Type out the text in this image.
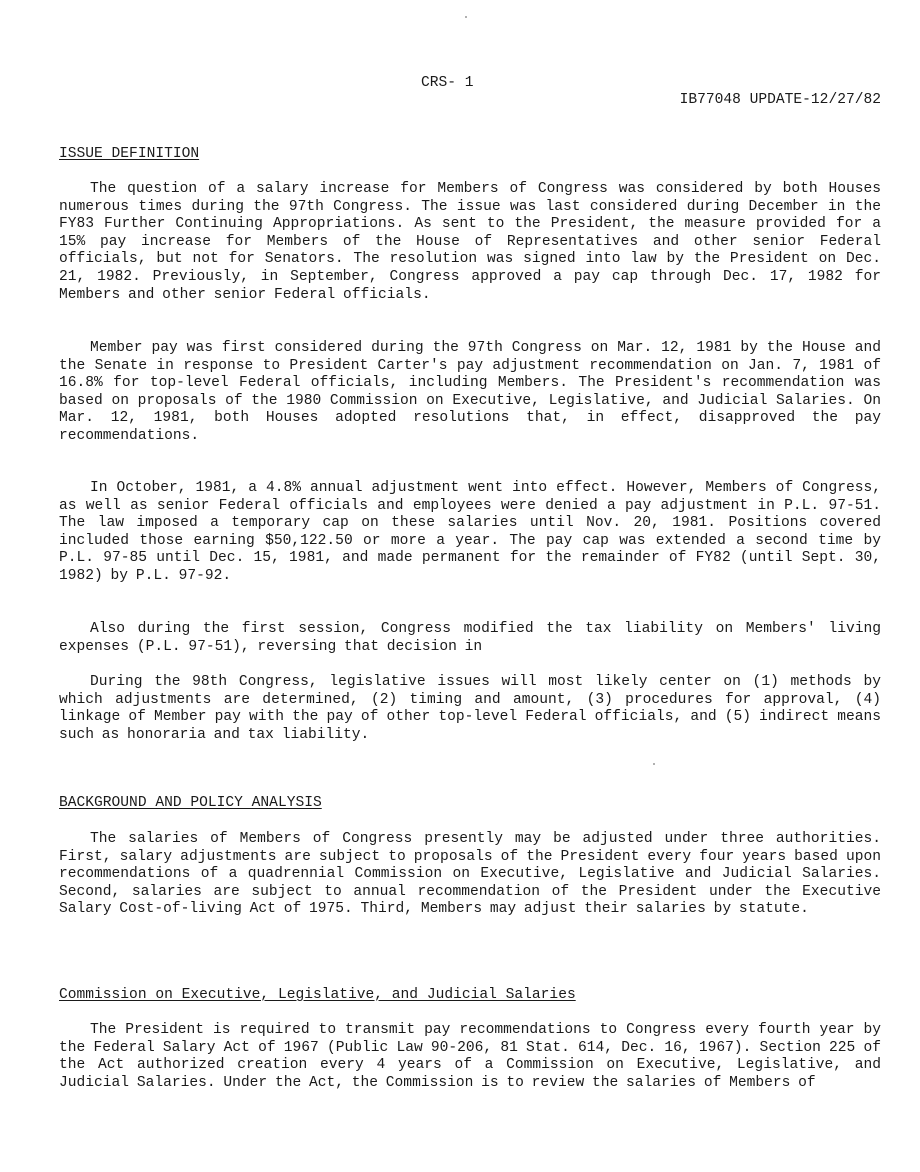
CRS- 1

IB77048 UPDATE-12/27/82

ISSUE DEFINITION

The question of a salary increase for Members of Congress was considered by both Houses numerous times during the 97th Congress. The issue was last considered during December in the FY83 Further Continuing Appropriations. As sent to the President, the measure provided for a 15% pay increase for Members of the House of Representatives and other senior Federal officials, but not for Senators. The resolution was signed into law by the President on Dec. 21, 1982. Previously, in September, Congress approved a pay cap through Dec. 17, 1982 for Members and other senior Federal officials.

Member pay was first considered during the 97th Congress on Mar. 12, 1981 by the House and the Senate in response to President Carter's pay adjustment recommendation on Jan. 7, 1981 of 16.8% for top-level Federal officials, including Members. The President's recommendation was based on proposals of the 1980 Commission on Executive, Legislative, and Judicial Salaries. On Mar. 12, 1981, both Houses adopted resolutions that, in effect, disapproved the pay recommendations.

In October, 1981, a 4.8% annual adjustment went into effect. However, Members of Congress, as well as senior Federal officials and employees were denied a pay adjustment in P.L. 97-51. The law imposed a temporary cap on these salaries until Nov. 20, 1981. Positions covered included those earning $50,122.50 or more a year. The pay cap was extended a second time by P.L. 97-85 until Dec. 15, 1981, and made permanent for the remainder of FY82 (until Sept. 30, 1982) by P.L. 97-92.

Also during the first session, Congress modified the tax liability on Members' living expenses (P.L. 97-51), reversing that decision in

During the 98th Congress, legislative issues will most likely center on (1) methods by which adjustments are determined, (2) timing and amount, (3) procedures for approval, (4) linkage of Member pay with the pay of other top-level Federal officials, and (5) indirect means such as honoraria and tax liability.

BACKGROUND AND POLICY ANALYSIS

The salaries of Members of Congress presently may be adjusted under three authorities. First, salary adjustments are subject to proposals of the President every four years based upon recommendations of a quadrennial Commission on Executive, Legislative and Judicial Salaries. Second, salaries are subject to annual recommendation of the President under the Executive Salary Cost-of-living Act of 1975. Third, Members may adjust their salaries by statute.

Commission on Executive, Legislative, and Judicial Salaries

The President is required to transmit pay recommendations to Congress every fourth year by the Federal Salary Act of 1967 (Public Law 90-206, 81 Stat. 614, Dec. 16, 1967). Section 225 of the Act authorized creation every 4 years of a Commission on Executive, Legislative, and Judicial Salaries. Under the Act, the Commission is to review the salaries of Members of
